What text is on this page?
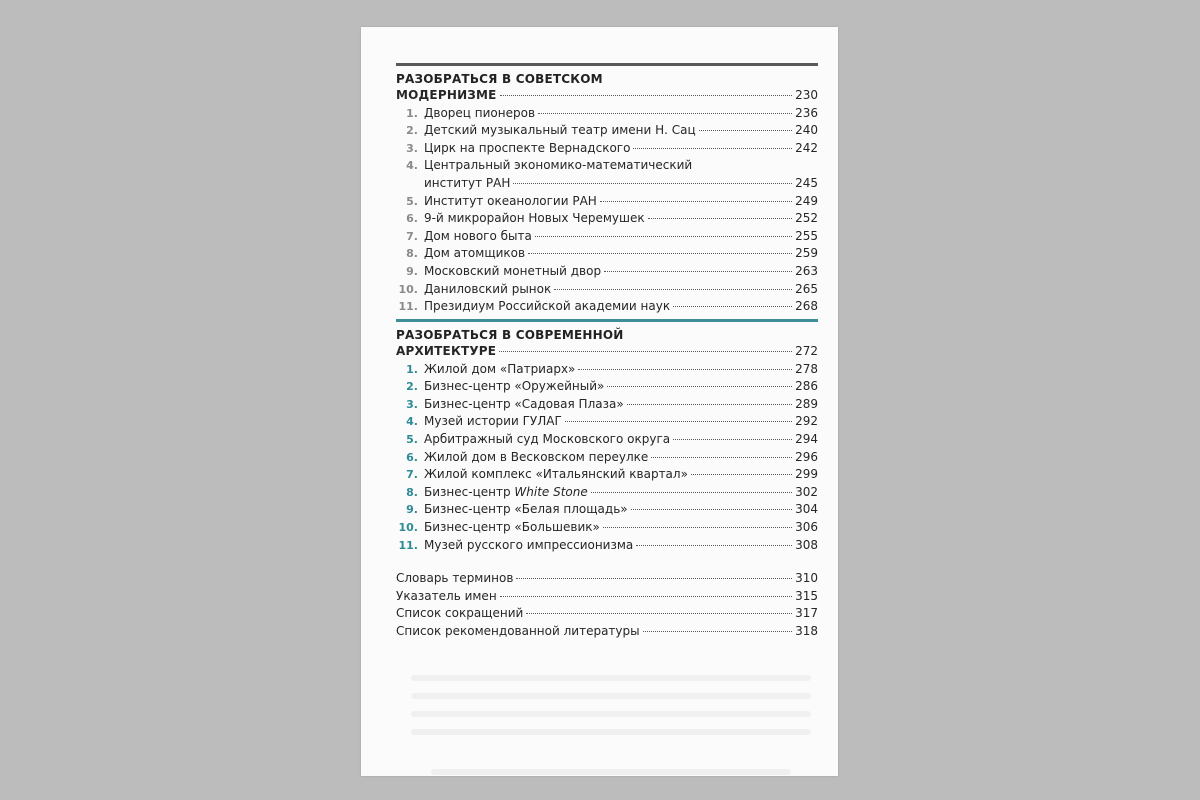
РАЗОБРАТЬСЯ В СОВЕТСКОМ
МОДЕРНИЗМЕ	230
1. Дворец пионеров	236
2. Детский музыкальный театр имени Н. Сац	240
3. Цирк на проспекте Вернадского	242
4. Центральный экономико-математический
институт РАН	245
5. Институт океанологии РАН	249
6. 9-й микрорайон Новых Черемушек	252
7. Дом нового быта	255
8. Дом атомщиков	259
9. Московский монетный двор	263
10. Даниловский рынок	265
11. Президиум Российской академии наук	268
РАЗОБРАТЬСЯ В СОВРЕМЕННОЙ
АРХИТЕКТУРЕ	272
1. Жилой дом «Патриарх»	278
2. Бизнес-центр «Оружейный»	286
3. Бизнес-центр «Садовая Плаза»	289
4. Музей истории ГУЛАГ	292
5. Арбитражный суд Московского округа	294
6. Жилой дом в Весковском переулке	296
7. Жилой комплекс «Итальянский квартал»	299
8. Бизнес-центр White Stone	302
9. Бизнес-центр «Белая площадь»	304
10. Бизнес-центр «Большевик»	306
11. Музей русского импрессионизма	308
Словарь терминов	310
Указатель имен	315
Список сокращений	317
Список рекомендованной литературы	318
